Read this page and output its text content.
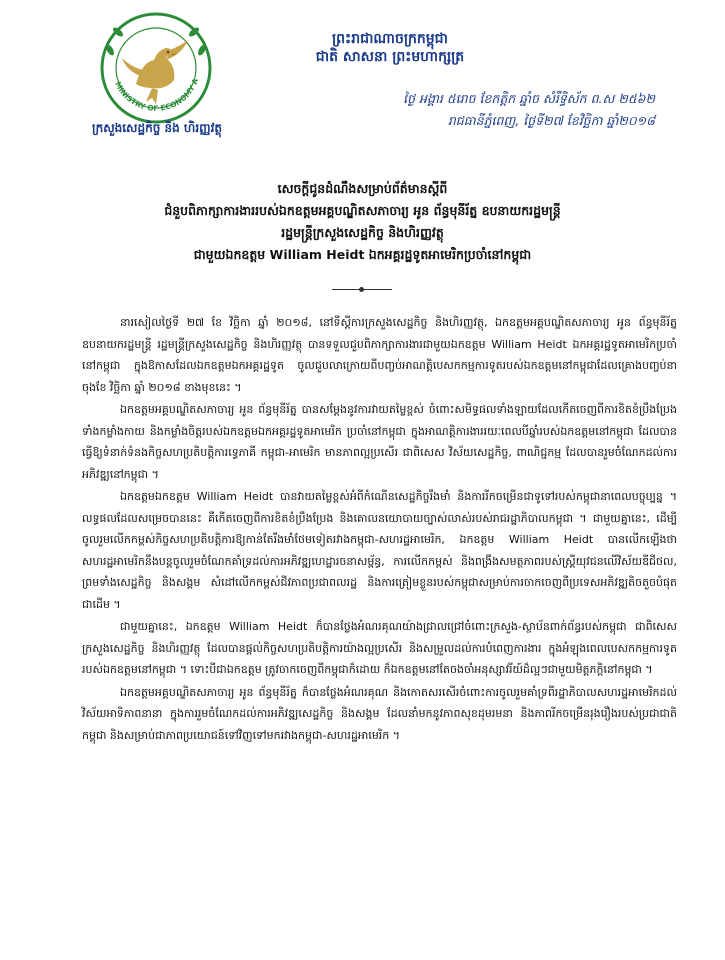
MINISTRY OF ECONOMY A
ក្រសួងសេដ្ឋកិច្ច និង ហិរញ្ញវត្ថុ
ព្រះរាជាណាចក្រកម្ពុជា
ជាតិ សាសនា ព្រះមហាក្សត្រ
ថ្ងៃ អង្គារ ៥រោច ខែកត្តិក ឆ្នាំច សំរឹទ្ធិស័ក ព.ស ២៥៦២
រាជធានីភ្នំពេញ, ថ្ងៃទី២៧ ខែវិច្ឆិកា ឆ្នាំ២០១៨
សេចក្តីជូនដំណឹងសម្រាប់ព័ត៌មានស្តីពី
ជំនួបពិភាក្សាការងាររបស់ឯកឧត្តមអគ្គបណ្ឌិតសភាចារ្យ អូន ព័ន្ធមុនីរ័ត្ន ឧបនាយករដ្ឋមន្ត្រី
រដ្ឋមន្ត្រីក្រសួងសេដ្ឋកិច្ច និងហិរញ្ញវត្ថុ
ជាមួយឯកឧត្តម William Heidt ឯកអគ្គរដ្ឋទូតអាមេរិកប្រចាំនៅកម្ពុជា

នារសៀលថ្ងៃទី ២៧ ខែ វិច្ឆិកា ឆ្នាំ ២០១៨, នៅទីស្តីការក្រសួងសេដ្ឋកិច្ច និងហិរញ្ញវត្ថុ, ឯកឧត្តមអគ្គបណ្ឌិតសភាចារ្យ អូន ព័ន្ធមុនីរ័ត្ន ឧបនាយករដ្ឋមន្ត្រី រដ្ឋមន្ត្រីក្រសួងសេដ្ឋកិច្ច និងហិរញ្ញវត្ថុ បានទទួលជួបពិភាក្សាការងារជាមួយឯកឧត្តម William Heidt ឯកអគ្គរដ្ឋទូតអាមេរិកប្រចាំនៅកម្ពុជា ក្នុងឱកាសដែលឯកឧត្តមឯកអគ្គរដ្ឋទូត ចូលជួបលាក្រោយពីបញ្ចប់អាណត្តិបេសកកម្មការទូតរបស់ឯកឧត្តមនៅកម្ពុជាដែលគ្រោងបញ្ចប់នាចុងខែ វិច្ឆិកា ឆ្នាំ ២០១៨ ខាងមុខនេះ ។

ឯកឧត្តមអគ្គបណ្ឌិតសភាចារ្យ អូន ព័ន្ធមុនីរ័ត្ន បានសម្តែងនូវការវាយតម្លៃខ្ពស់ ចំពោះសមិទ្ធផលទាំងឡាយដែលកើតចេញពីការខិតខំប្រឹងប្រែងទាំងកម្លាំងកាយ និងកម្លាំងចិត្តរបស់ឯកឧត្តមឯកអគ្គរដ្ឋទូតអាមេរិក ប្រចាំនៅកម្ពុជា ក្នុងអាណត្តិការងាររយៈពេលបីឆ្នាំរបស់ឯកឧត្តមនៅកម្ពុជា ដែលបានធ្វើឱ្យទំនាក់ទំនងកិច្ចសហប្រតិបត្តិការទ្វេភាគី កម្ពុជា-អាមេរិក មានភាពល្អប្រសើរ ជាពិសេស វិស័យសេដ្ឋកិច្ច, ពាណិជ្ជកម្ម ដែលបានរួមចំណែកដល់ការអភិវឌ្ឍនៅកម្ពុជា ។

ឯកឧត្តមឯកឧត្តម William Heidt បានវាយតម្លៃខ្ពស់អំពីកំណើនសេដ្ឋកិច្ចរឹងមាំ និងការរីកចម្រើនជាទូទៅរបស់កម្ពុជានាពេលបច្ចុប្បន្ន ។ លទ្ធផលដែលសម្រេចបាននេះ គឺកើតចេញពីការខិតខំប្រឹងប្រែង និងគោលនយោបាយច្បាស់លាស់របស់រាជរដ្ឋាភិបាលកម្ពុជា ។ ជាមួយគ្នានេះ, ដើម្បីចូលរួមលើកកម្ពស់កិច្ចសហប្រតិបត្តិការឱ្យកាន់តែរឹងមាំថែមទៀតរវាងកម្ពុជា-សហរដ្ឋអាមេរិក, ឯកឧត្តម William Heidt បានលើកឡើងថា សហរដ្ឋអាមេរិកនឹងបន្តចូលរួមចំណែកគាំទ្រដល់ការអភិវឌ្ឍហេដ្ឋារចនាសម្ព័ន្ធ, ការលើកកម្ពស់ និងពង្រឹងសមត្ថភាពរបស់ស្ត្រីយុវជនលើវិស័យឌីជីថល, ព្រមទាំងសេដ្ឋកិច្ច និងសង្គម សំដៅលើកកម្ពស់ជីវភាពប្រជាពលរដ្ឋ និងការត្រៀមខ្លួនរបស់កម្ពុជាសម្រាប់ការចាកចេញពីប្រទេសអភិវឌ្ឍតិចតួចបំផុត ជាដើម ។

ជាមួយគ្នានេះ, ឯកឧត្តម William Heidt ក៏បានថ្លែងអំណរគុណយ៉ាងជ្រាលជ្រៅចំពោះក្រសួង-ស្ថាប័នពាក់ព័ន្ធរបស់កម្ពុជា ជាពិសេស ក្រសួងសេដ្ឋកិច្ច និងហិរញ្ញវត្ថុ ដែលបានផ្តល់កិច្ចសហប្រតិបត្តិការយ៉ាងល្អប្រសើរ និងសម្រួលដល់ការបំពេញការងារ ក្នុងអំឡុងពេលបេសកកម្មការទូតរបស់ឯកឧត្តមនៅកម្ពុជា ។ ទោះបីជាឯកឧត្តម ត្រូវចាកចេញពីកម្ពុជាក៏ដោយ ក៏ឯកឧត្តមនៅតែចងចាំអនុស្សាវរីយ៍ដ៏ល្អៗជាមួយមិត្តភក្តិនៅកម្ពុជា ។

ឯកឧត្តមអគ្គបណ្ឌិតសភាចារ្យ អូន ព័ន្ធមុនីរ័ត្ន ក៏បានថ្លែងអំណរគុណ និងកោតសរសើរចំពោះការចូលរួមគាំទ្រពីរដ្ឋាភិបាលសហរដ្ឋអាមេរិកដល់វិស័យអាទិភាពនានា ក្នុងការរួមចំណែកដល់ការអភិវឌ្ឍសេដ្ឋកិច្ច និងសង្គម ដែលនាំមកនូវភាពសុខដុមរមនា និងភាពរីកចម្រើនរុងរឿងរបស់ប្រជាជាតិកម្ពុជា និងសម្រាប់ជាភាពប្រយោជន៍ទៅវិញទៅមករវាងកម្ពុជា-សហរដ្ឋអាមេរិក ។
